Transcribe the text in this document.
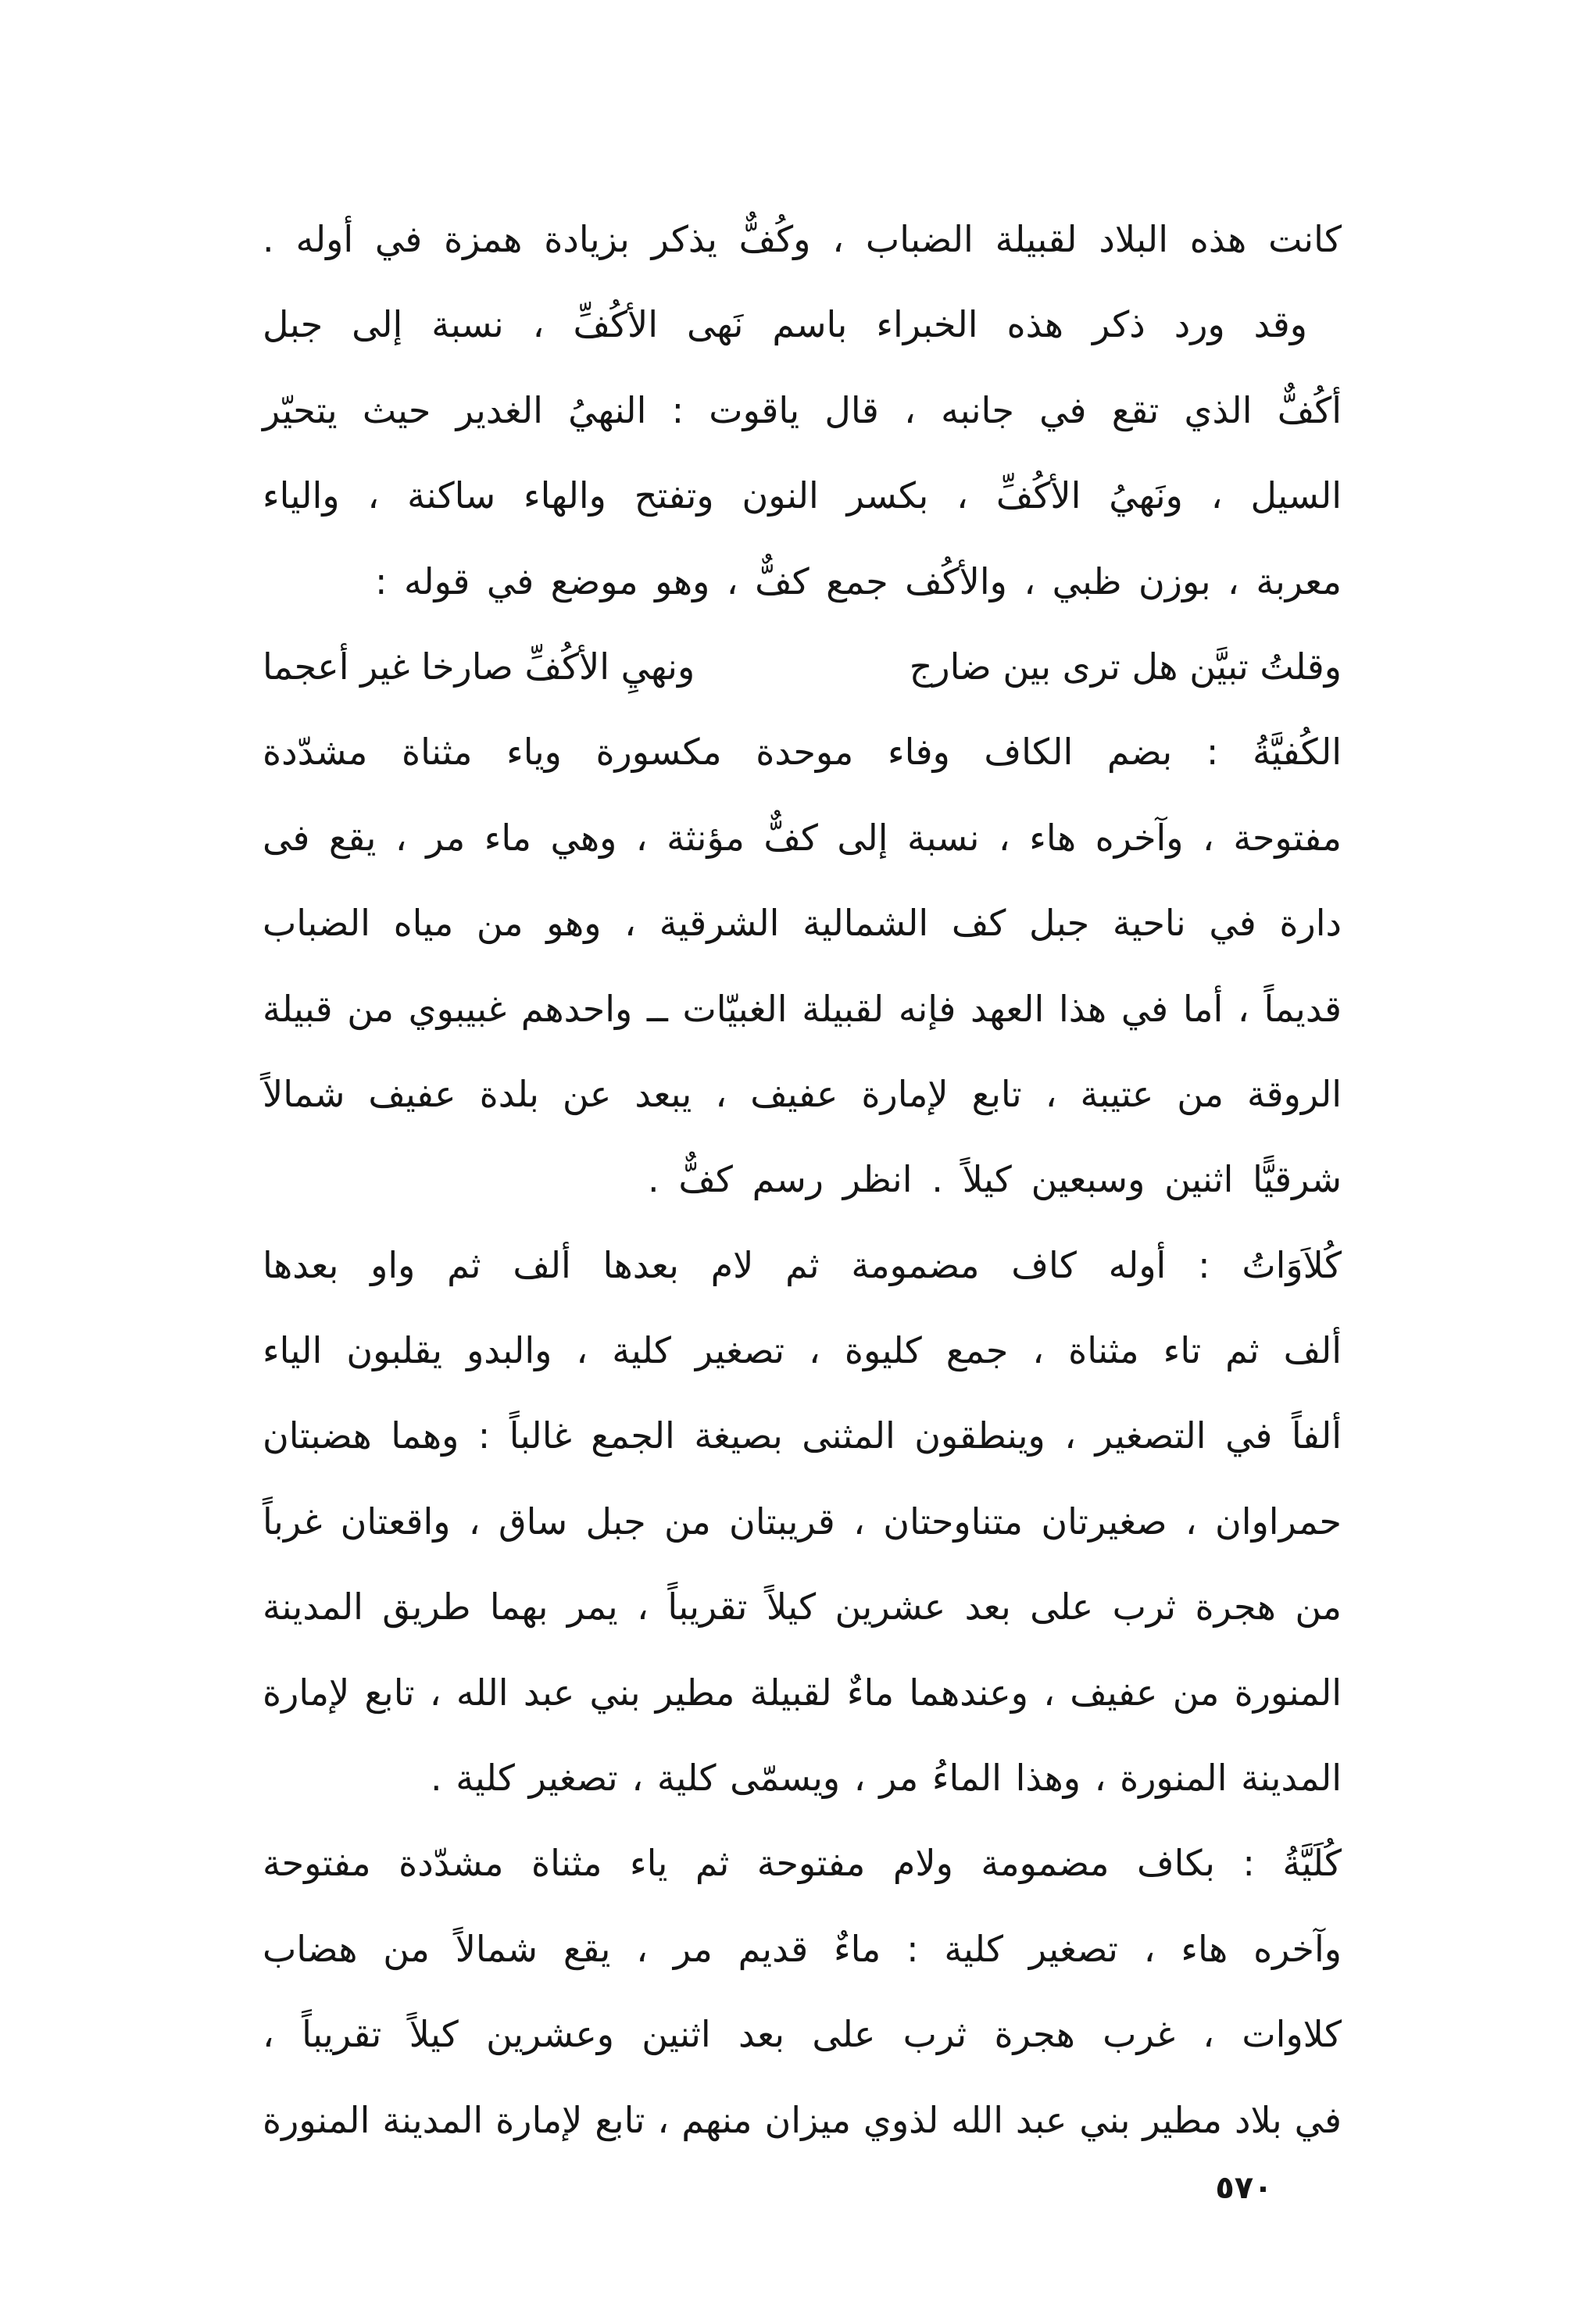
كانت هذه البلاد لقبيلة الضباب ، وكُفٌّ يذكر بزيادة همزة في أوله .
وقد ورد ذكر هذه الخبراء باسم نَهى الأكُفِّ ، نسبة إلى جبل
أكُفٌّ الذي تقع في جانبه ، قال ياقوت : النهيُ الغدير حيث يتحيّر
السيل ، ونَهيُ الأكُفِّ ، بكسر النون وتفتح والهاء ساكنة ، والياء
معربة ، بوزن ظبي ، والأكُف جمع كفٌّ ، وهو موضع في قوله :
وقلتُ تبيَّن هل ترى بين ضارج
ونهيِ الأكُفِّ صارخا غير أعجما
الكُفيَّةُ : بضم الكاف وفاء موحدة مكسورة وياء مثناة مشدّدة
مفتوحة ، وآخره هاء ، نسبة إلى كفٌّ مؤنثة ، وهي ماء مر ، يقع فى
دارة في ناحية جبل كف الشمالية الشرقية ، وهو من مياه الضباب
قديماً ، أما في هذا العهد فإنه لقبيلة الغبيّات ــ واحدهم غبيبوي من قبيلة
الروقة من عتيبة ، تابع لإمارة عفيف ، يبعد عن بلدة عفيف شمالاً
شرقيًّا اثنين وسبعين كيلاً . انظر رسم كفٌّ .
كُلاَوَاتُ : أوله كاف مضمومة ثم لام بعدها ألف ثم واو بعدها
ألف ثم تاء مثناة ، جمع كليوة ، تصغير كلية ، والبدو يقلبون الياء
ألفاً في التصغير ، وينطقون المثنى بصيغة الجمع غالباً : وهما هضبتان
حمراوان ، صغيرتان متناوحتان ، قريبتان من جبل ساق ، واقعتان غرباً
من هجرة ثرب على بعد عشرين كيلاً تقريباً ، يمر بهما طريق المدينة
المنورة من عفيف ، وعندهما ماءٌ لقبيلة مطير بني عبد الله ، تابع لإمارة
المدينة المنورة ، وهذا الماءُ مر ، ويسمّى كلية ، تصغير كلية .
كُلَيَّةُ : بكاف مضمومة ولام مفتوحة ثم ياء مثناة مشدّدة مفتوحة
وآخره هاء ، تصغير كلية : ماءٌ قديم مر ، يقع شمالاً من هضاب
كلاوات ، غرب هجرة ثرب على بعد اثنين وعشرين كيلاً تقريباً ،
في بلاد مطير بني عبد الله لذوي ميزان منهم ، تابع لإمارة المدينة المنورة
٥٧٠
